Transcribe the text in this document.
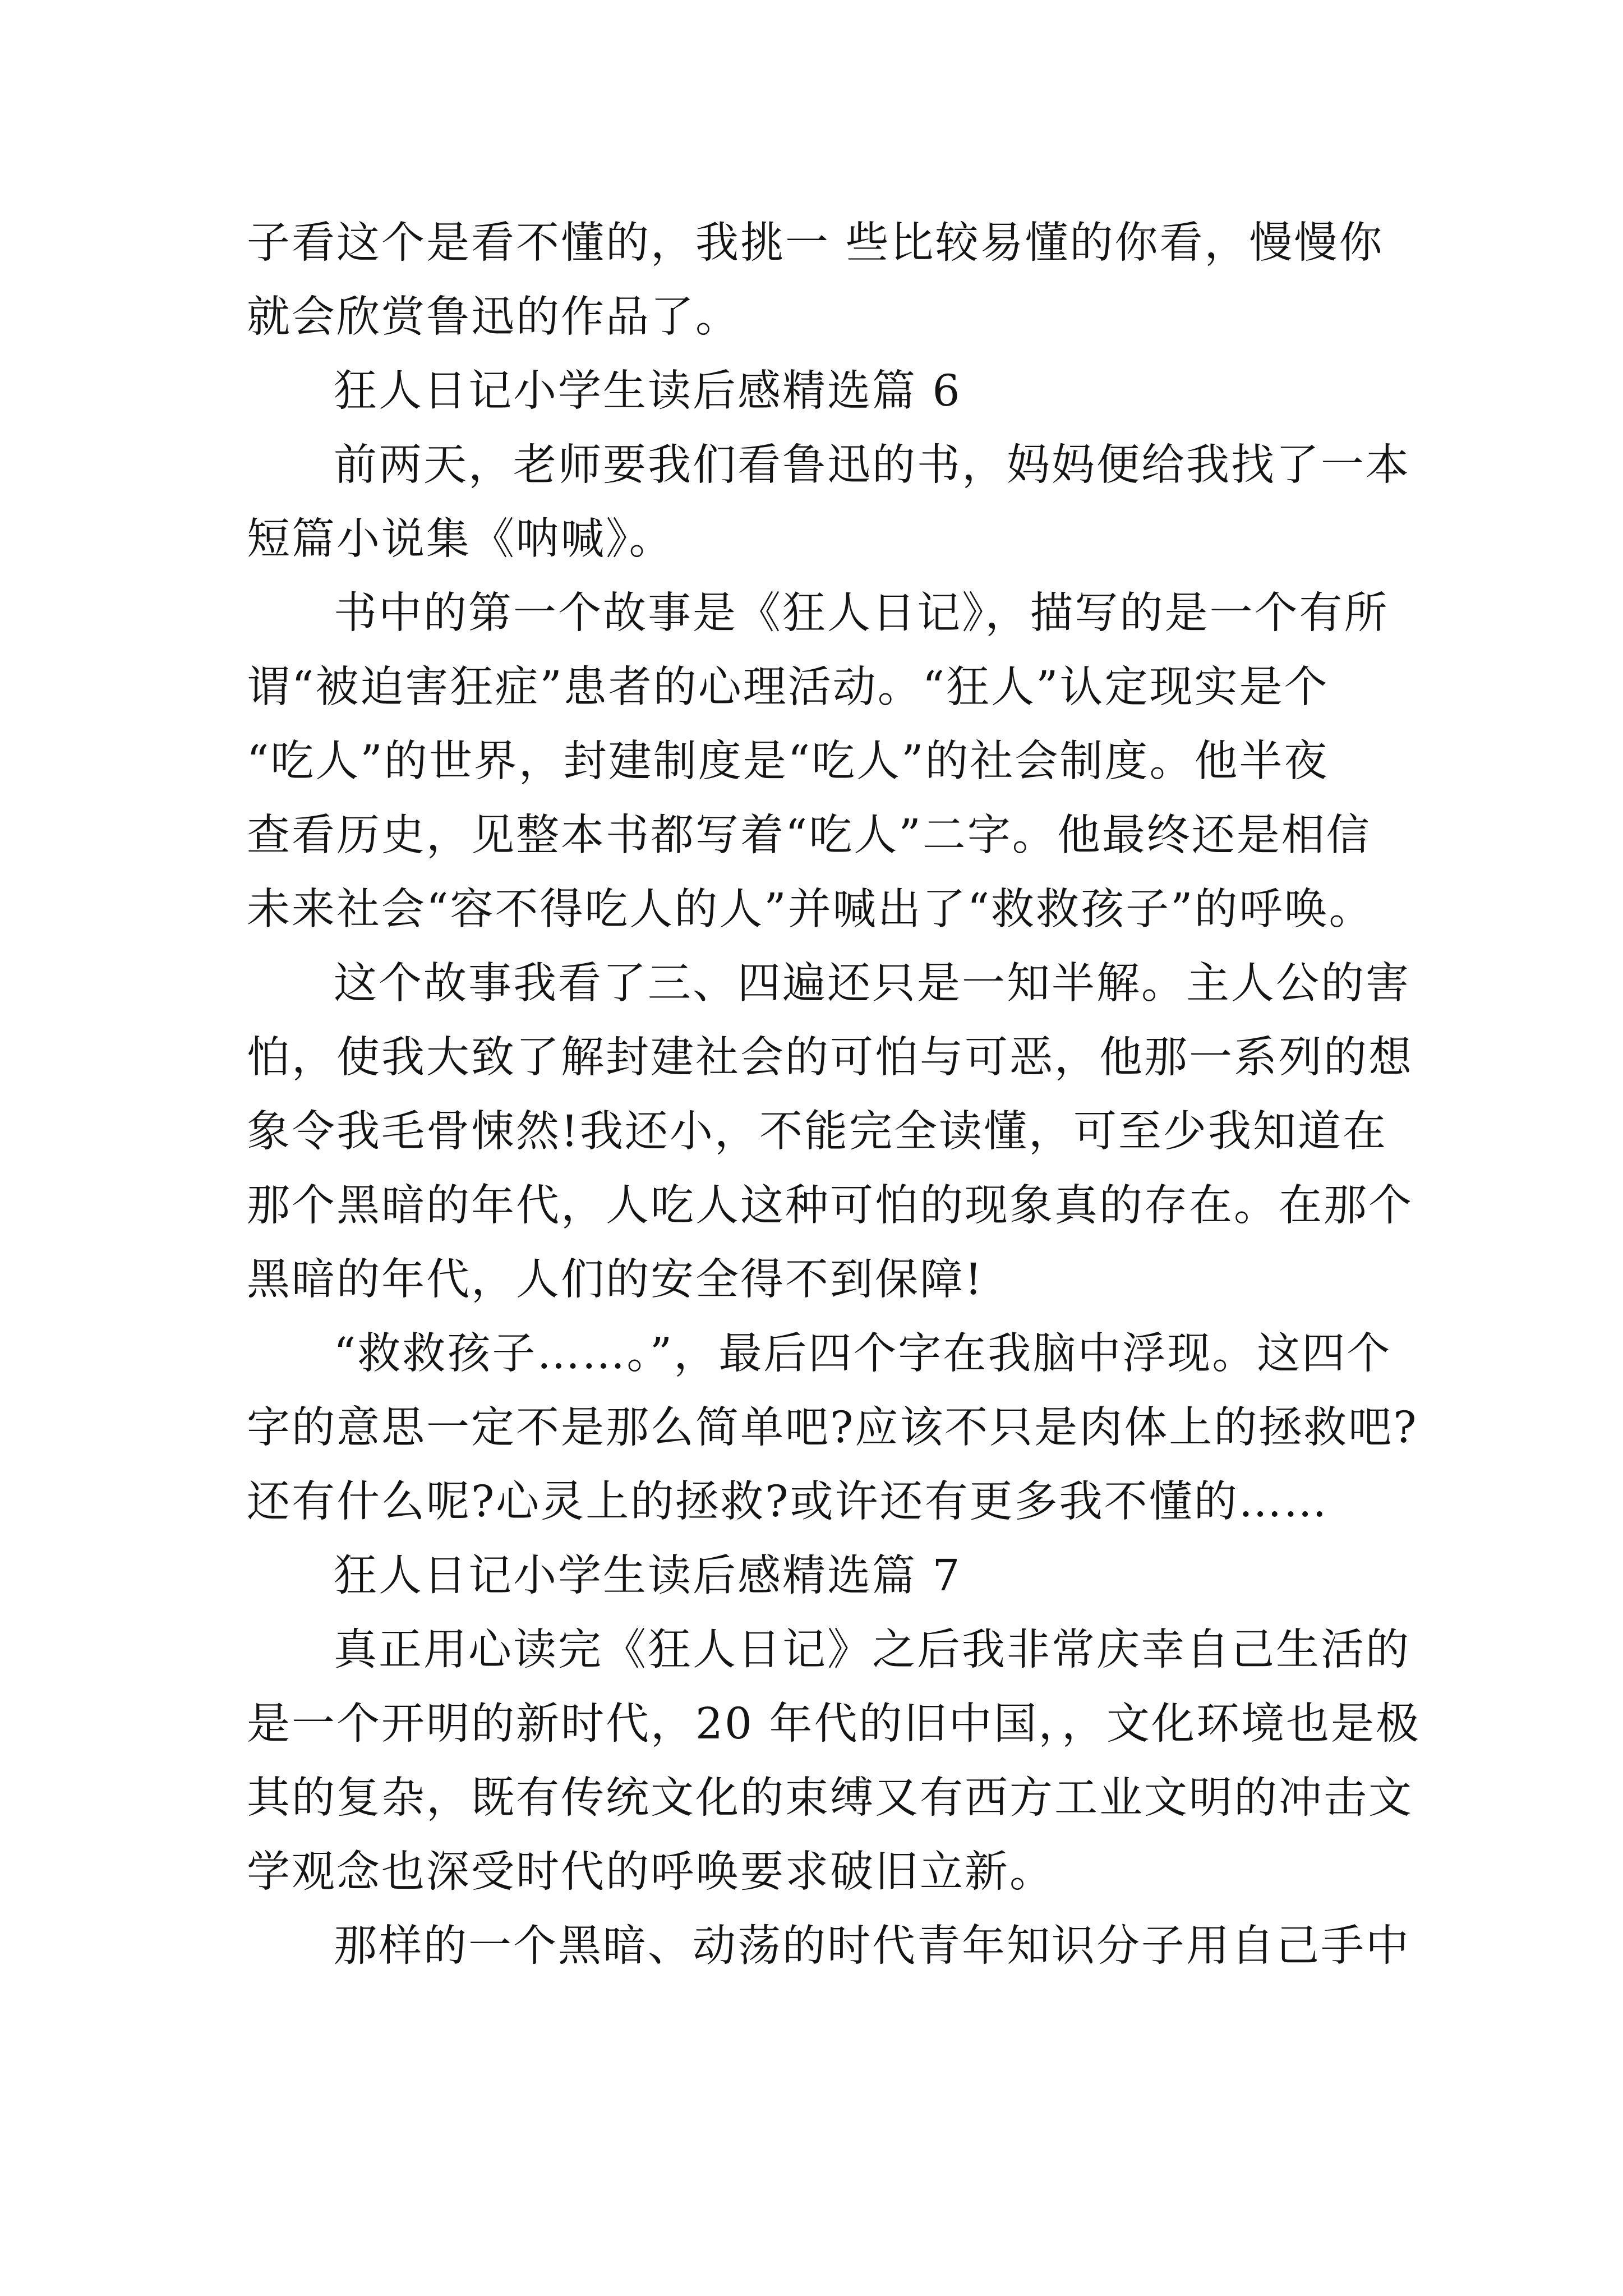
子看这个是看不懂的，我挑一 些比较易懂的你看，慢慢你

就会欣赏鲁迅的作品了。

狂人日记小学生读后感精选篇 6

前两天，老师要我们看鲁迅的书，妈妈便给我找了一本

短篇小说集《呐喊》。

书中的第一个故事是《狂人日记》，描写的是一个有所

谓“被迫害狂症”患者的心理活动。“狂人”认定现实是个

“吃人”的世界，封建制度是“吃人”的社会制度。他半夜

查看历史，见整本书都写着“吃人”二字。他最终还是相信

未来社会“容不得吃人的人”并喊出了“救救孩子”的呼唤。

这个故事我看了三、四遍还只是一知半解。主人公的害

怕，使我大致了解封建社会的可怕与可恶，他那一系列的想

象令我毛骨悚然!我还小，不能完全读懂，可至少我知道在

那个黑暗的年代，人吃人这种可怕的现象真的存在。在那个

黑暗的年代，人们的安全得不到保障!

“救救孩子……。”，最后四个字在我脑中浮现。这四个

字的意思一定不是那么简单吧?应该不只是肉体上的拯救吧?

还有什么呢?心灵上的拯救?或许还有更多我不懂的……

狂人日记小学生读后感精选篇 7

真正用心读完《狂人日记》之后我非常庆幸自己生活的

是一个开明的新时代，20 年代的旧中国，，文化环境也是极

其的复杂，既有传统文化的束缚又有西方工业文明的冲击文

学观念也深受时代的呼唤要求破旧立新。

那样的一个黑暗、动荡的时代青年知识分子用自己手中
